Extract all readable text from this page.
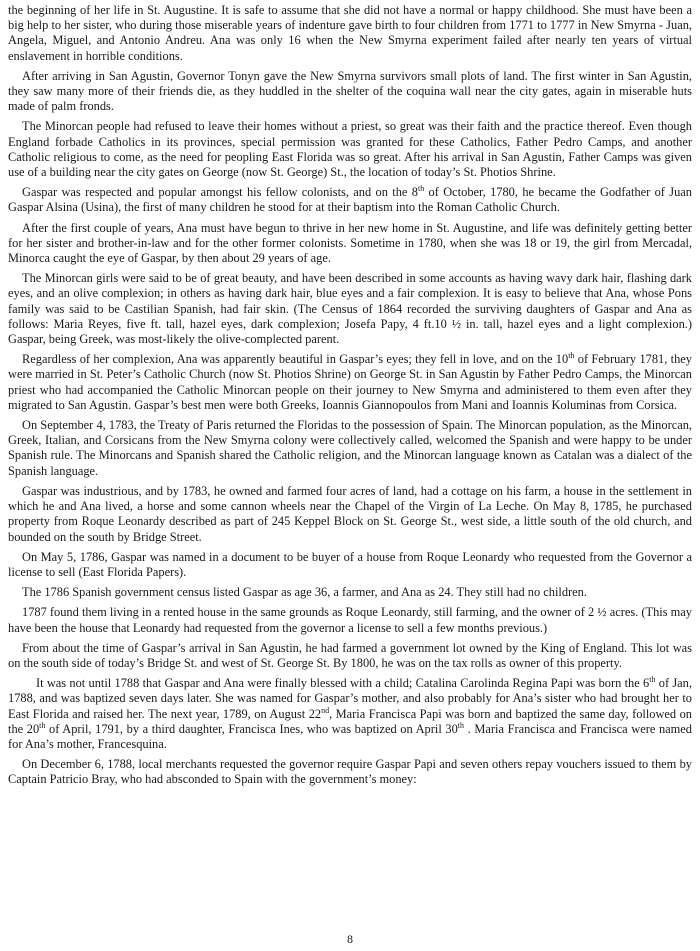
the beginning of her life in St. Augustine. It is safe to assume that she did not have a normal or happy childhood. She must have been a big help to her sister, who during those miserable years of indenture gave birth to four children from 1771 to 1777 in New Smyrna - Juan, Angela, Miguel, and Antonio Andreu. Ana was only 16 when the New Smyrna experiment failed after nearly ten years of virtual enslavement in horrible conditions.

After arriving in San Agustin, Governor Tonyn gave the New Smyrna survivors small plots of land. The first winter in San Agustin, they saw many more of their friends die, as they huddled in the shelter of the coquina wall near the city gates, again in miserable huts made of palm fronds.

The Minorcan people had refused to leave their homes without a priest, so great was their faith and the practice thereof. Even though England forbade Catholics in its provinces, special permission was granted for these Catholics, Father Pedro Camps, and another Catholic religious to come, as the need for peopling East Florida was so great. After his arrival in San Agustin, Father Camps was given use of a building near the city gates on George (now St. George) St., the location of today’s St. Photios Shrine.

Gaspar was respected and popular amongst his fellow colonists, and on the 8th of October, 1780, he became the Godfather of Juan Gaspar Alsina (Usina), the first of many children he stood for at their baptism into the Roman Catholic Church.

After the first couple of years, Ana must have begun to thrive in her new home in St. Augustine, and life was definitely getting better for her sister and brother-in-law and for the other former colonists. Sometime in 1780, when she was 18 or 19, the girl from Mercadal, Minorca caught the eye of Gaspar, by then about 29 years of age.

The Minorcan girls were said to be of great beauty, and have been described in some accounts as having wavy dark hair, flashing dark eyes, and an olive complexion; in others as having dark hair, blue eyes and a fair complexion. It is easy to believe that Ana, whose Pons family was said to be Castilian Spanish, had fair skin. (The Census of 1864 recorded the surviving daughters of Gaspar and Ana as follows: Maria Reyes, five ft. tall, hazel eyes, dark complexion; Josefa Papy, 4 ft.10 ½ in. tall, hazel eyes and a light complexion.) Gaspar, being Greek, was most-likely the olive-complected parent.

Regardless of her complexion, Ana was apparently beautiful in Gaspar’s eyes; they fell in love, and on the 10th of February 1781, they were married in St. Peter’s Catholic Church (now St. Photios Shrine) on George St. in San Agustin by Father Pedro Camps, the Minorcan priest who had accompanied the Catholic Minorcan people on their journey to New Smyrna and administered to them even after they migrated to San Agustin. Gaspar’s best men were both Greeks, Ioannis Giannopoulos from Mani and Ioannis Koluminas from Corsica.

On September 4, 1783, the Treaty of Paris returned the Floridas to the possession of Spain. The Minorcan population, as the Minorcan, Greek, Italian, and Corsicans from the New Smyrna colony were collectively called, welcomed the Spanish and were happy to be under Spanish rule. The Minorcans and Spanish shared the Catholic religion, and the Minorcan language known as Catalan was a dialect of the Spanish language.

Gaspar was industrious, and by 1783, he owned and farmed four acres of land, had a cottage on his farm, a house in the settlement in which he and Ana lived, a horse and some cannon wheels near the Chapel of the Virgin of La Leche. On May 8, 1785, he purchased property from Roque Leonardy described as part of 245 Keppel Block on St. George St., west side, a little south of the old church, and bounded on the south by Bridge Street.

On May 5, 1786, Gaspar was named in a document to be buyer of a house from Roque Leonardy who requested from the Governor a license to sell (East Florida Papers).

The 1786 Spanish government census listed Gaspar as age 36, a farmer, and Ana as 24. They still had no children.

1787 found them living in a rented house in the same grounds as Roque Leonardy, still farming, and the owner of 2 ½ acres. (This may have been the house that Leonardy had requested from the governor a license to sell a few months previous.)

From about the time of Gaspar’s arrival in San Agustin, he had farmed a government lot owned by the King of England. This lot was on the south side of today’s Bridge St. and west of St. George St. By 1800, he was on the tax rolls as owner of this property.

It was not until 1788 that Gaspar and Ana were finally blessed with a child; Catalina Carolinda Regina Papi was born the 6th of Jan, 1788, and was baptized seven days later. She was named for Gaspar’s mother, and also probably for Ana’s sister who had brought her to East Florida and raised her. The next year, 1789, on August 22nd, Maria Francisca Papi was born and baptized the same day, followed on the 20th of April, 1791, by a third daughter, Francisca Ines, who was baptized on April 30th . Maria Francisca and Francisca were named for Ana’s mother, Francesquina.

On December 6, 1788, local merchants requested the governor require Gaspar Papi and seven others repay vouchers issued to them by Captain Patricio Bray, who had absconded to Spain with the government’s money:

8
